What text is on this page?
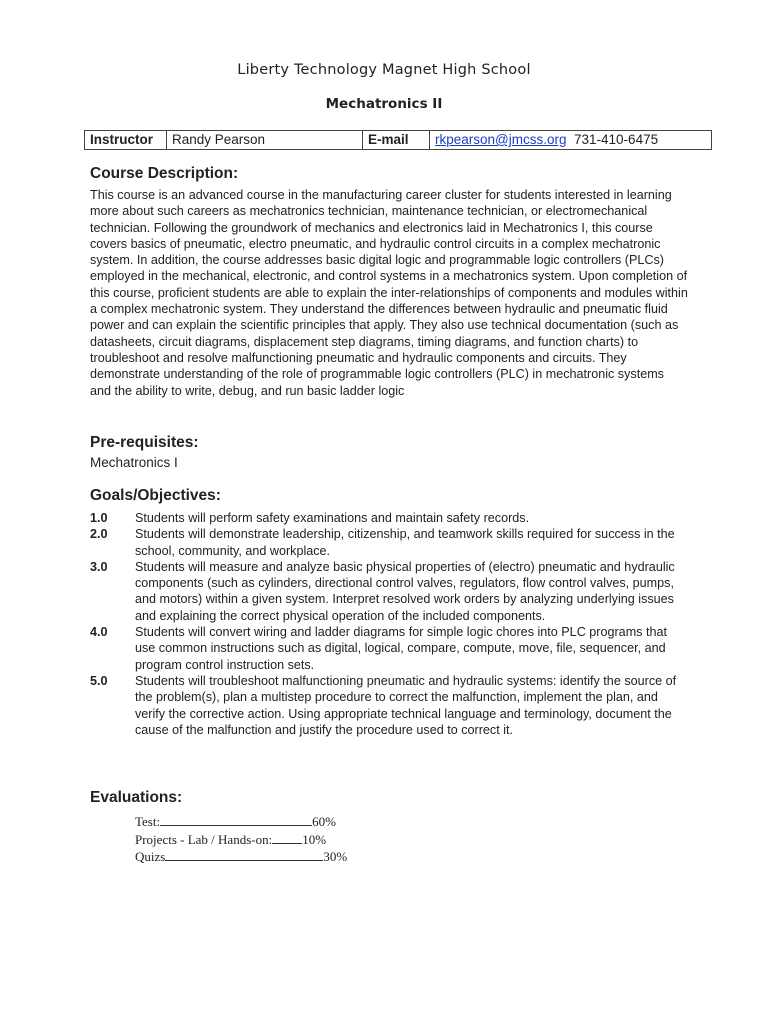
Liberty Technology Magnet High School
Mechatronics II
Instructor	Randy Pearson	E-mail	rkpearson@jmcss.org 731-410-6475
Course Description:
This course is an advanced course in the manufacturing career cluster for students interested in learning more about such careers as mechatronics technician, maintenance technician, or electromechanical technician. Following the groundwork of mechanics and electronics laid in Mechatronics I, this course covers basics of pneumatic, electro pneumatic, and hydraulic control circuits in a complex mechatronic system. In addition, the course addresses basic digital logic and programmable logic controllers (PLCs) employed in the mechanical, electronic, and control systems in a mechatronics system. Upon completion of this course, proficient students are able to explain the inter-relationships of components and modules within a complex mechatronic system. They understand the differences between hydraulic and pneumatic fluid power and can explain the scientific principles that apply. They also use technical documentation (such as datasheets, circuit diagrams, displacement step diagrams, timing diagrams, and function charts) to troubleshoot and resolve malfunctioning pneumatic and hydraulic components and circuits. They demonstrate understanding of the role of programmable logic controllers (PLC) in mechatronic systems and the ability to write, debug, and run basic ladder logic
Pre-requisites:
Mechatronics I
Goals/Objectives:
1.0	Students will perform safety examinations and maintain safety records.
2.0	Students will demonstrate leadership, citizenship, and teamwork skills required for success in the school, community, and workplace.
3.0	Students will measure and analyze basic physical properties of (electro) pneumatic and hydraulic components (such as cylinders, directional control valves, regulators, flow control valves, pumps, and motors) within a given system. Interpret resolved work orders by analyzing underlying issues and explaining the correct physical operation of the included components.
4.0	Students will convert wiring and ladder diagrams for simple logic chores into PLC programs that use common instructions such as digital, logical, compare, compute, move, file, sequencer, and program control instruction sets.
5.0	Students will troubleshoot malfunctioning pneumatic and hydraulic systems: identify the source of the problem(s), plan a multistep procedure to correct the malfunction, implement the plan, and verify the corrective action. Using appropriate technical language and terminology, document the cause of the malfunction and justify the procedure used to correct it.
Evaluations:
Test:	60%
Projects - Lab / Hands-on: 10%
Quizs	30%
